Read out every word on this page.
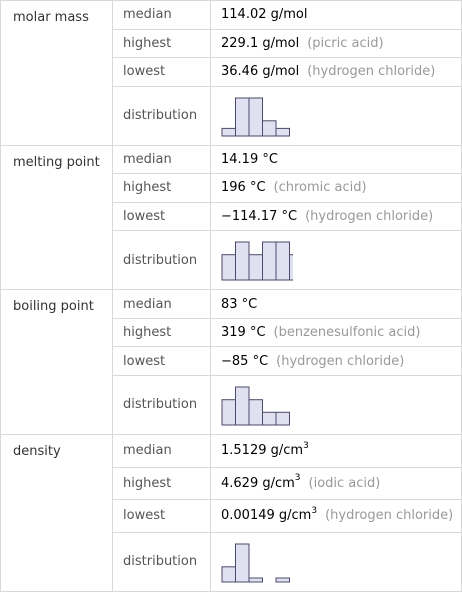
molar mass	median	114.02 g/mol
	highest	229.1 g/mol (picric acid)
	lowest	36.46 g/mol (hydrogen chloride)
	distribution	

melting point	median	14.19 °C
	highest	196 °C (chromic acid)
	lowest	−114.17 °C (hydrogen chloride)
	distribution	

boiling point	median	83 °C
	highest	319 °C (benzenesulfonic acid)
	lowest	−85 °C (hydrogen chloride)
	distribution	

density	median	1.5129 $g/cm^3$
	highest	4.629 $g/cm^3$ (iodic acid)
	lowest	0.00149 $g/cm^3$ (hydrogen chloride)
	distribution	
